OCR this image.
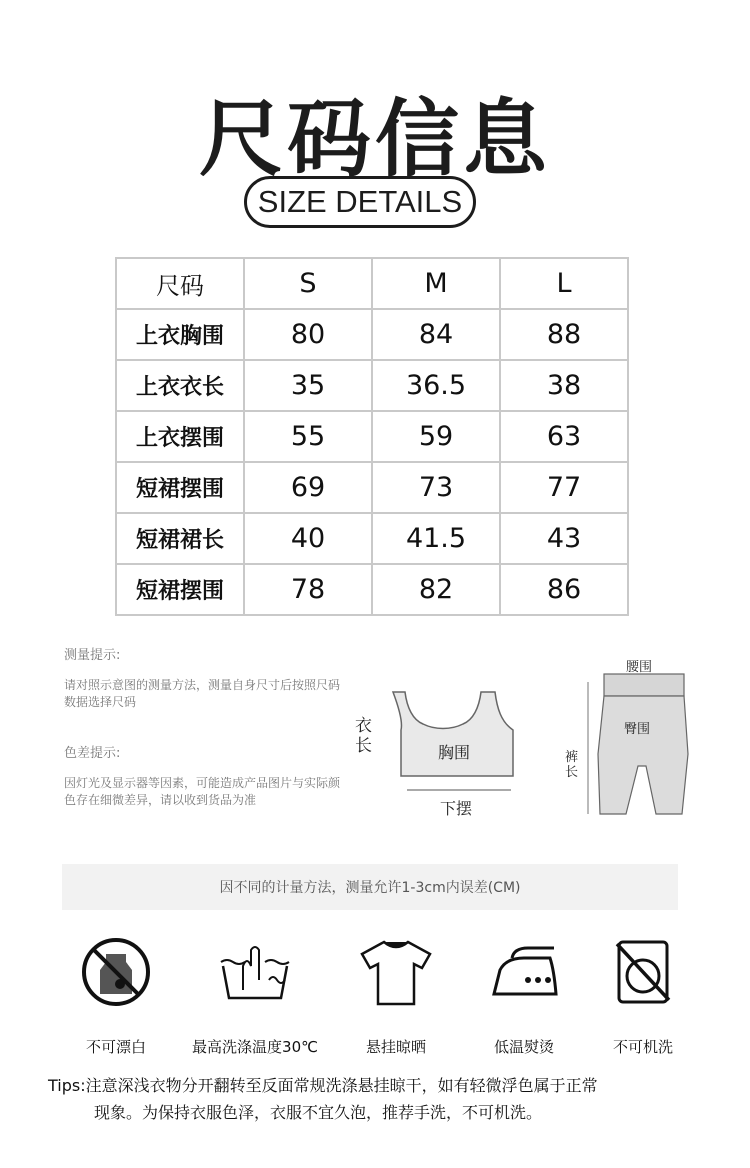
尺码信息
SIZE DETAILS
尺码	S	M	L
上衣胸围	80	84	88
上衣衣长	35	36.5	38
上衣摆围	55	59	63
短裙摆围	69	73	77
短裙裙长	40	41.5	43
短裙摆围	78	82	86
测量提示:
请对照示意图的测量方法，测量自身尺寸后按照尺码数据选择尺码
色差提示:
因灯光及显示器等因素，可能造成产品图片与实际颜色存在细微差异，请以收到货品为准
衣长	胸围
下摆
腰围
臀围
裤长
因不同的计量方法，测量允许1-3cm内误差(CM)
不可漂白	最高洗涤温度30℃	悬挂晾晒	低温熨烫	不可机洗
Tips:注意深浅衣物分开翻转至反面常规洗涤悬挂晾干，如有轻微浮色属于正常
现象。为保持衣服色泽，衣服不宜久泡，推荐手洗，不可机洗。
